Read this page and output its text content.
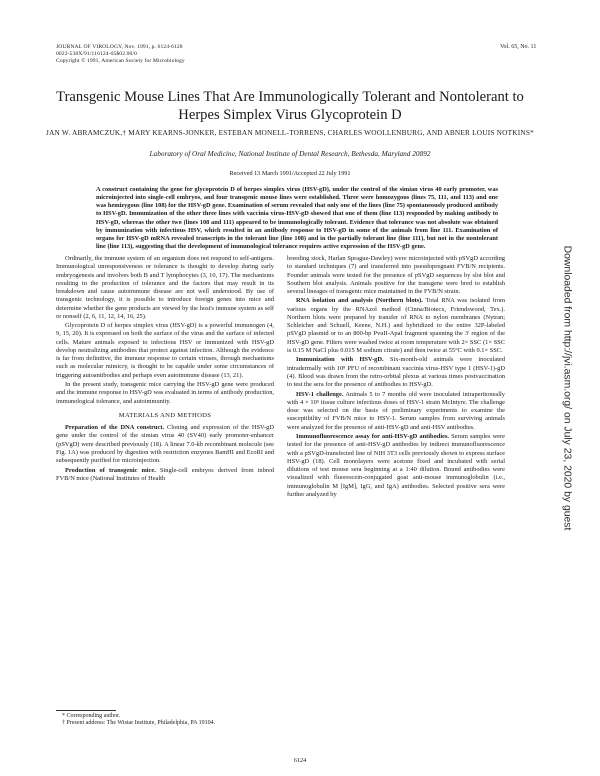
JOURNAL OF VIROLOGY, Nov. 1991, p. 6124-6128
0022-538X/91/116124-05$02.00/0
Copyright © 1991, American Society for Microbiology
Vol. 65, No. 11
Transgenic Mouse Lines That Are Immunologically Tolerant and Nontolerant to Herpes Simplex Virus Glycoprotein D
JAN W. ABRAMCZUK,† MARY KEARNS-JONKER, ESTEBAN MONELL-TORRENS, CHARLES WOOLLENBURG, AND ABNER LOUIS NOTKINS*
Laboratory of Oral Medicine, National Institute of Dental Research, Bethesda, Maryland 20892
Received 13 March 1991/Accepted 22 July 1991

A construct containing the gene for glycoprotein D of herpes simplex virus (HSV-gD), under the control of the simian virus 40 early promoter, was microinjected into single-cell embryos, and four transgenic mouse lines were established. Three were homozygous (lines 75, 111, and 113) and one was hemizygous (line 108) for the HSV-gD gene. Examination of serum revealed that only one of the lines (line 75) spontaneously produced antibody to HSV-gD. Immunization of the other three lines with vaccinia virus-HSV-gD showed that one of them (line 113) responded by making antibody to HSV-gD, whereas the other two (lines 108 and 111) appeared to be immunologically tolerant. Evidence that tolerance was not absolute was obtained by immunization with infectious HSV, which resulted in an antibody response to HSV-gD in some of the animals from line 111. Examination of organs for HSV-gD mRNA revealed transcripts in the tolerant line (line 108) and in the partially tolerant line (line 111), but not in the nontolerant line (line 113), suggesting that the development of immunological tolerance requires active expression of the HSV-gD gene.

Ordinarily, the immune system of an organism does not respond to self-antigens. Immunological unresponsiveness or tolerance is thought to develop during early embryogenesis and involves both B and T lymphocytes (3, 10, 17). The mechanisms resulting in the production of tolerance and the factors that may result in its breakdown and cause autoimmune disease are not well understood. By use of transgenic technology, it is possible to introduce foreign genes into mice and determine whether the gene products are viewed by the host's immune system as self or nonself (2, 6, 11, 12, 14, 16, 25).

Glycoprotein D of herpes simplex virus (HSV-gD) is a powerful immunogen (4, 9, 15, 20). It is expressed on both the surface of the virus and the surface of infected cells. Mature animals exposed to infectious HSV or immunized with HSV-gD develop neutralizing antibodies that protect against infection. Although the evidence is far from definitive, the immune response to certain viruses, through mechanisms such as molecular mimicry, is thought to be capable under some circumstances of triggering autoantibodies and perhaps even autoimmune disease (13, 21).

In the present study, transgenic mice carrying the HSV-gD gene were produced and the immune response to HSV-gD was evaluated in terms of antibody production, immunological tolerance, and autoimmunity.

MATERIALS AND METHODS

Preparation of the DNA construct. Cloning and expression of the HSV-gD gene under the control of the simian virus 40 (SV40) early promoter-enhancer (pSVgD) were described previously (18). A linear 7.0-kb recombinant molecule (see Fig. 1A) was produced by digestion with restriction enzymes BamHI and EcoRI and subsequently purified for microinjection.

Production of transgenic mice. Single-cell embryos derived from inbred FVB/N mice (National Institutes of Health

breeding stock, Harlan Sprague-Dawley) were microinjected with pSVgD according to standard techniques (7) and transferred into pseudopregnant FVB/N recipients. Founder animals were tested for the presence of pSVgD sequences by slot blot and Southern blot analysis. Animals positive for the transgene were bred to establish several lineages of transgenic mice maintained in the FVB/N strain.

RNA isolation and analysis (Northern blots). Total RNA was isolated from various organs by the RNAzol method (Cinna/Biotecx, Friendswood, Tex.). Northern blots were prepared by transfer of RNA to nylon membranes (Nytran; Schleicher and Schuell, Keene, N.H.) and hybridized to the entire 32P-labeled pSVgD plasmid or to an 800-bp PvuII-ApaI fragment spanning the 3' region of the HSV-gD gene. Filters were washed twice at room temperature with 2× SSC (1× SSC is 0.15 M NaCl plus 0.015 M sodium citrate) and then twice at 55°C with 0.1× SSC.

Immunization with HSV-gD. Six-month-old animals were inoculated intradermally with 10⁸ PFU of recombinant vaccinia virus-HSV type 1 (HSV-1)-gD (4). Blood was drawn from the retro-orbital plexus at various times postvaccination to test the sera for the presence of antibodies to HSV-gD.

HSV-1 challenge. Animals 5 to 7 months old were inoculated intraperitoneally with 4 × 10⁵ tissue culture infectious doses of HSV-1 strain McIntyre. The challenge dose was selected on the basis of preliminary experiments to examine the susceptibility of FVB/N mice to HSV-1. Serum samples from surviving animals were analyzed for the presence of anti-HSV-gD and anti-HSV antibodies.

Immunofluorescence assay for anti-HSV-gD antibodies. Serum samples were tested for the presence of anti-HSV-gD antibodies by indirect immunofluorescence with a pSVgD-transfected line of NIH 3T3 cells previously shown to express surface HSV-gD (18). Cell monolayers were acetone fixed and incubated with serial dilutions of test mouse sera beginning at a 1:40 dilution. Bound antibodies were visualized with fluorescein-conjugated goat anti-mouse immunoglobulin (i.e., immunoglobulin M [IgM], IgG, and IgA) antibodies. Selected positive sera were further analyzed by

* Corresponding author.
† Present address: The Wistar Institute, Philadelphia, PA 19104.
6124
Downloaded from http://jvi.asm.org/ on July 23, 2020 by guest
